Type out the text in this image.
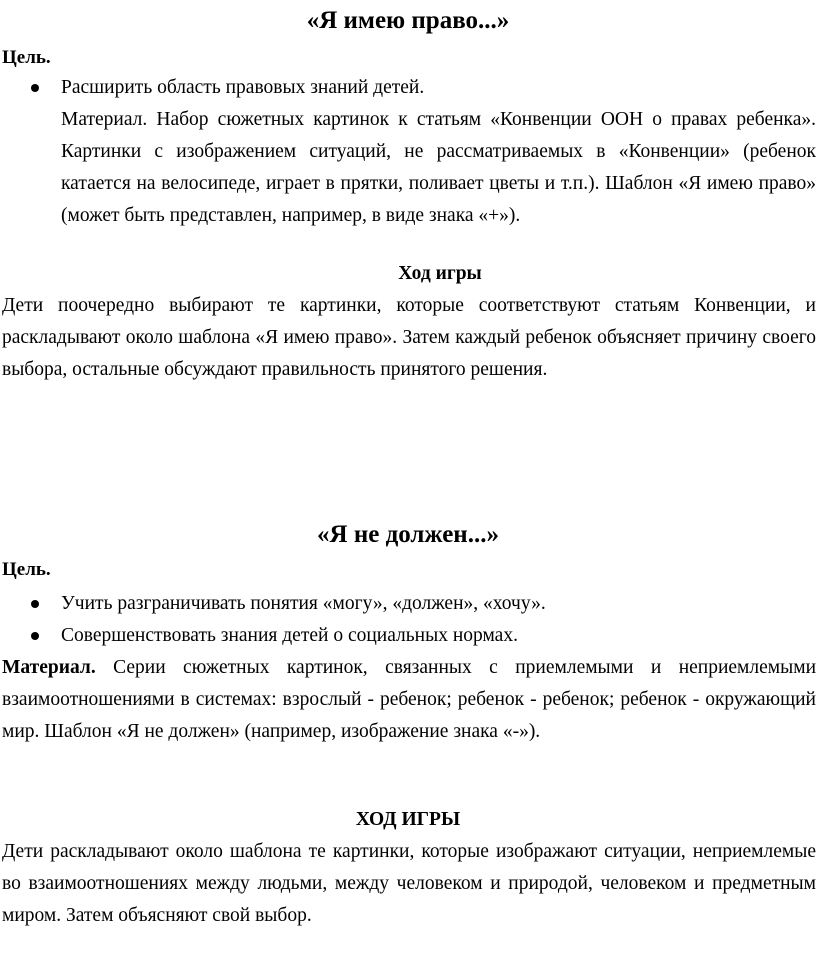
«Я имею право...»
Цель.

Расширить область правовых знаний детей.

Материал. Набор сюжетных картинок к статьям «Конвенции ООН о правах ребенка». Картинки с изображением ситуаций, не рассматриваемых в «Конвенции» (ребенок катается на велосипеде, играет в прятки, поливает цветы и т.п.). Шаблон «Я имею право» (может быть представлен, например, в виде знака «+»).

Ход игры

Дети поочередно выбирают те картинки, которые соответствуют статьям Конвенции, и раскладывают около шаблона «Я имею право». Затем каждый ребенок объясняет причину своего выбора, остальные обсуждают правильность принятого решения.

«Я не должен...»
Цель.

Учить разграничивать понятия «могу», «должен», «хочу».

Совершенствовать знания детей о социальных нормах.

Материал. Серии сюжетных картинок, связанных с приемлемыми и неприемлемыми взаимоотношениями в системах: взрослый - ребенок; ребенок - ребенок; ребенок - окружающий мир. Шаблон «Я не должен» (например, изображение знака «-»).

ХОД ИГРЫ

Дети раскладывают около шаблона те картинки, которые изображают ситуации, неприемлемые во взаимоотношениях между людьми, между человеком и природой, человеком и предметным миром. Затем объясняют свой выбор.
